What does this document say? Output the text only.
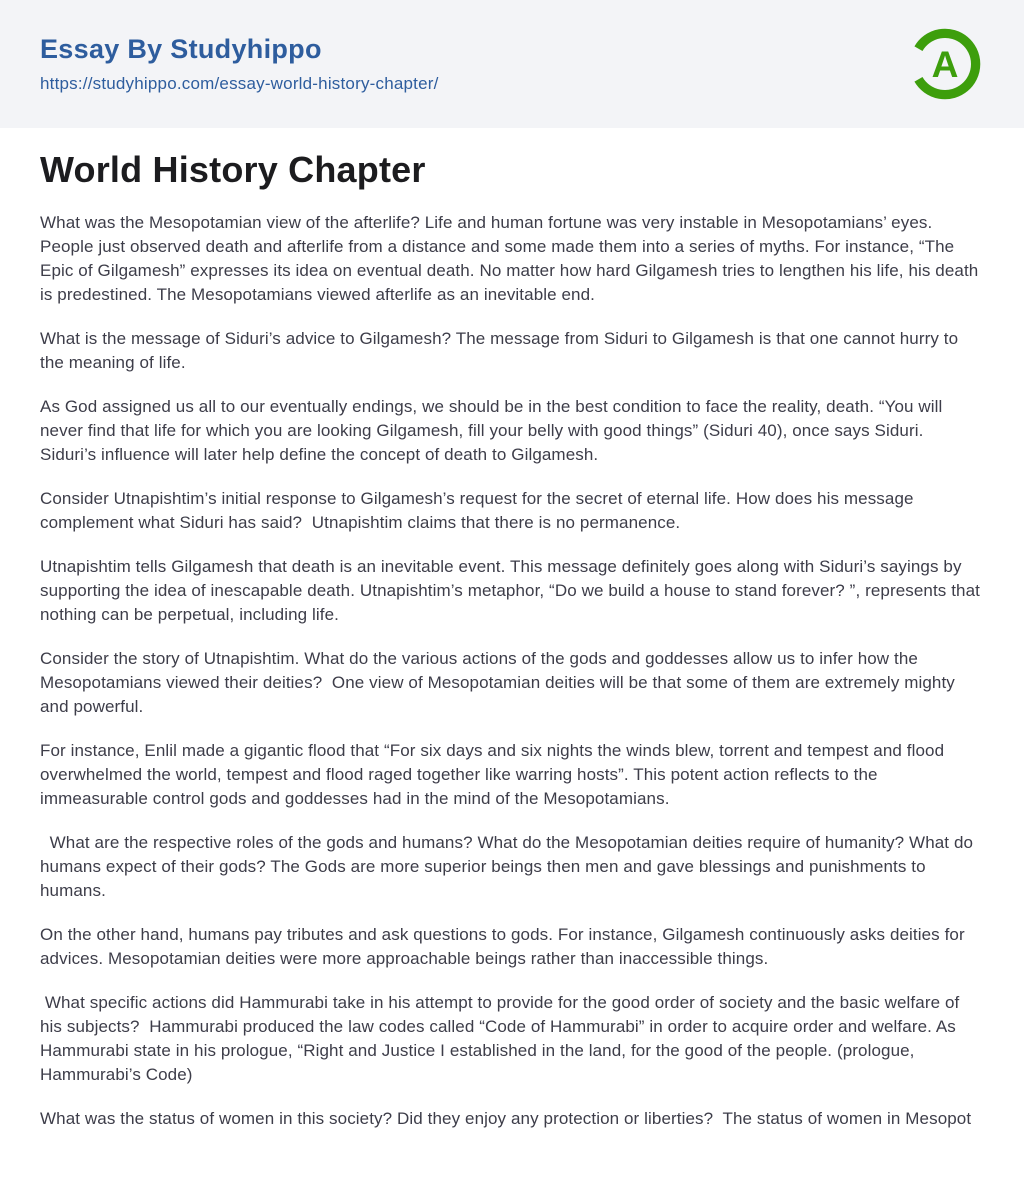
Essay By Studyhippo
https://studyhippo.com/essay-world-history-chapter/	A
World History Chapter

What was the Mesopotamian view of the afterlife? Life and human fortune was very instable in Mesopotamians’ eyes. People just observed death and afterlife from a distance and some made them into a series of myths. For instance, “The Epic of Gilgamesh” expresses its idea on eventual death. No matter how hard Gilgamesh tries to lengthen his life, his death is predestined. The Mesopotamians viewed afterlife as an inevitable end.

What is the message of Siduri’s advice to Gilgamesh? The message from Siduri to Gilgamesh is that one cannot hurry to the meaning of life.

As God assigned us all to our eventually endings, we should be in the best condition to face the reality, death. “You will never find that life for which you are looking Gilgamesh, fill your belly with good things” (Siduri 40), once says Siduri. Siduri’s influence will later help define the concept of death to Gilgamesh.

Consider Utnapishtim’s initial response to Gilgamesh’s request for the secret of eternal life. How does his message complement what Siduri has said?  Utnapishtim claims that there is no permanence.

Utnapishtim tells Gilgamesh that death is an inevitable event. This message definitely goes along with Siduri’s sayings by supporting the idea of inescapable death. Utnapishtim’s metaphor, “Do we build a house to stand forever? ”, represents that nothing can be perpetual, including life.

Consider the story of Utnapishtim. What do the various actions of the gods and goddesses allow us to infer how the Mesopotamians viewed their deities?  One view of Mesopotamian deities will be that some of them are extremely mighty and powerful.

For instance, Enlil made a gigantic flood that “For six days and six nights the winds blew, torrent and tempest and flood overwhelmed the world, tempest and flood raged together like warring hosts”. This potent action reflects to the immeasurable control gods and goddesses had in the mind of the Mesopotamians.

What are the respective roles of the gods and humans? What do the Mesopotamian deities require of humanity? What do humans expect of their gods? The Gods are more superior beings then men and gave blessings and punishments to humans.

On the other hand, humans pay tributes and ask questions to gods. For instance, Gilgamesh continuously asks deities for advices. Mesopotamian deities were more approachable beings rather than inaccessible things.

What specific actions did Hammurabi take in his attempt to provide for the good order of society and the basic welfare of his subjects?  Hammurabi produced the law codes called “Code of Hammurabi” in order to acquire order and welfare. As Hammurabi state in his prologue, “Right and Justice I established in the land, for the good of the people. (prologue, Hammurabi’s Code)

What was the status of women in this society? Did they enjoy any protection or liberties?  The status of women in Mesopot
